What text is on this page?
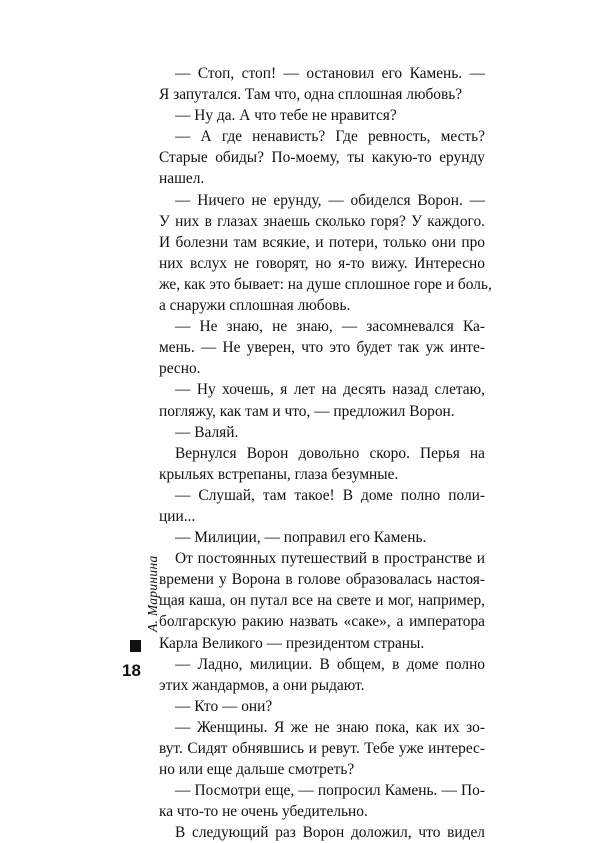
— Стоп, стоп! — остановил его Камень. —
Я запутался. Там что, одна сплошная любовь?
— Ну да. А что тебе не нравится?
— А где ненависть? Где ревность, месть?
Старые обиды? По-моему, ты какую-то ерунду
нашел.
— Ничего не ерунду, — обиделся Ворон. —
У них в глазах знаешь сколько горя? У каждого.
И болезни там всякие, и потери, только они про
них вслух не говорят, но я-то вижу. Интересно
же, как это бывает: на душе сплошное горе и боль,
а снаружи сплошная любовь.
— Не знаю, не знаю, — засомневался Ка-
мень. — Не уверен, что это будет так уж инте-
ресно.
— Ну хочешь, я лет на десять назад слетаю,
погляжу, как там и что, — предложил Ворон.
— Валяй.
Вернулся Ворон довольно скоро. Перья на
крыльях встрепаны, глаза безумные.
— Слушай, там такое! В доме полно поли-
ции...
— Милиции, — поправил его Камень.
От постоянных путешествий в пространстве и
времени у Ворона в голове образовалась настоя-
щая каша, он путал все на свете и мог, например,
болгарскую ракию назвать «саке», а императора
Карла Великого — президентом страны.
— Ладно, милиции. В общем, в доме полно
этих жандармов, а они рыдают.
— Кто — они?
— Женщины. Я же не знаю пока, как их зо-
вут. Сидят обнявшись и ревут. Тебе уже интерес-
но или еще дальше смотреть?
— Посмотри еще, — попросил Камень. — По-
ка что-то не очень убедительно.
В следующий раз Ворон доложил, что видел
А. Маринина
18
